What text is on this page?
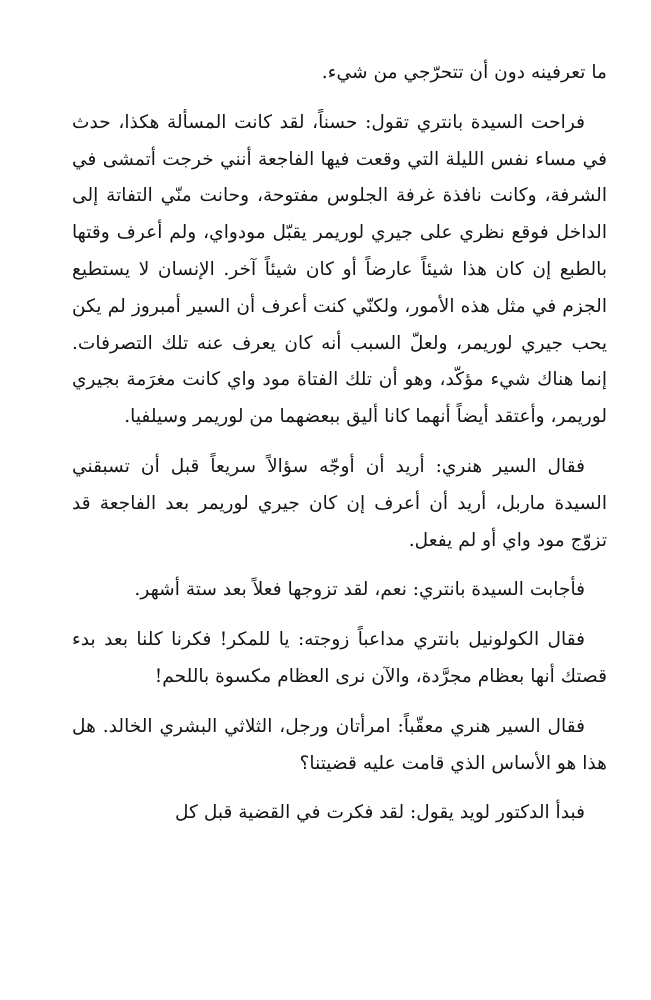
ما تعرفينه دون أن تتحرّجي من شيء.

فراحت السيدة بانتري تقول: حسناً، لقد كانت المسألة هكذا، حدث في مساء نفس الليلة التي وقعت فيها الفاجعة أنني خرجت أتمشى في الشرفة، وكانت نافذة غرفة الجلوس مفتوحة، وحانت منّي التفاتة إلى الداخل فوقع نظري على جيري لوريمر يقبّل مودواي، ولم أعرف وقتها بالطبع إن كان هذا شيئاً عارضاً أو كان شيئاً آخر. الإنسان لا يستطيع الجزم في مثل هذه الأمور، ولكنّي كنت أعرف أن السير أمبروز لم يكن يحب جيري لوريمر، ولعلّ السبب أنه كان يعرف عنه تلك التصرفات. إنما هناك شيء مؤكّد، وهو أن تلك الفتاة مود واي كانت مغرَمة بجيري لوريمر، وأعتقد أيضاً أنهما كانا أليق ببعضهما من لوريمر وسيلفيا.

فقال السير هنري: أريد أن أوجّه سؤالاً سريعاً قبل أن تسبقني السيدة ماربل، أريد أن أعرف إن كان جيري لوريمر بعد الفاجعة قد تزوّج مود واي أو لم يفعل.

فأجابت السيدة بانتري: نعم، لقد تزوجها فعلاً بعد ستة أشهر.

فقال الكولونيل بانتري مداعباً زوجته: يا للمكر! فكرنا كلنا بعد بدء قصتك أنها بعظام مجرَّدة، والآن نرى العظام مكسوة باللحم!

فقال السير هنري معقّباً: امرأتان ورجل، الثلاثي البشري الخالد. هل هذا هو الأساس الذي قامت عليه قضيتنا؟

فبدأ الدكتور لويد يقول: لقد فكرت في القضية قبل كل
